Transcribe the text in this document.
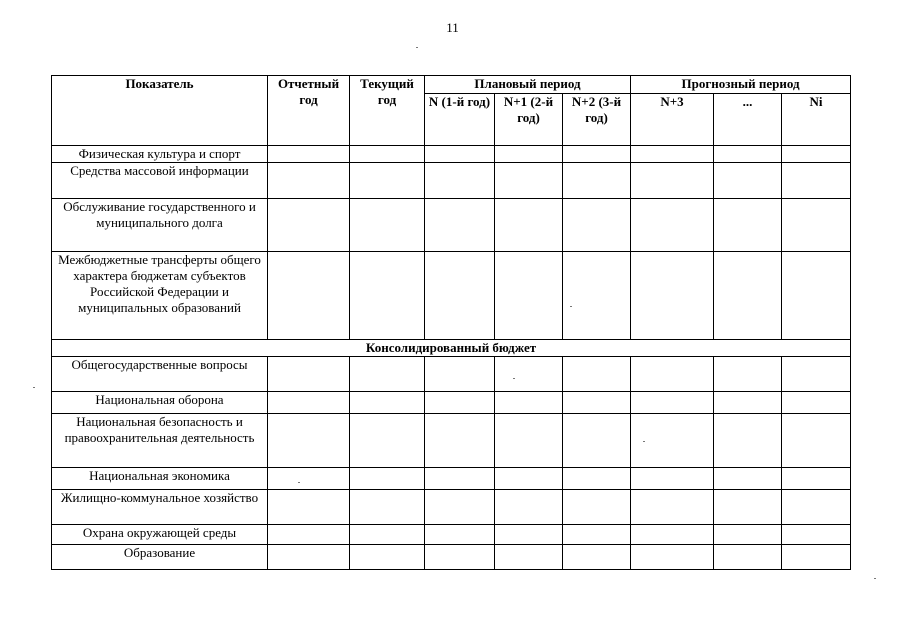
11
Показатель	Отчетный год	Текущий год	Плановый период			Прогнозный период		
			N (1-й год)	N+1 (2-й год)	N+2 (3-й год)	N+3	...	Ni
Физическая культура и спорт								
Средства массовой информации								
Обслуживание государственного и муниципального долга								
Межбюджетные трансферты общего характера бюджетам субъектов Российской Федерации и муниципальных образований								
Консолидированный бюджет								
Общегосударственные вопросы								
Национальная оборона								
Национальная безопасность и правоохранительная деятельность								
Национальная экономика								
Жилищно-коммунальное хозяйство								
Охрана окружающей среды								
Образование								
